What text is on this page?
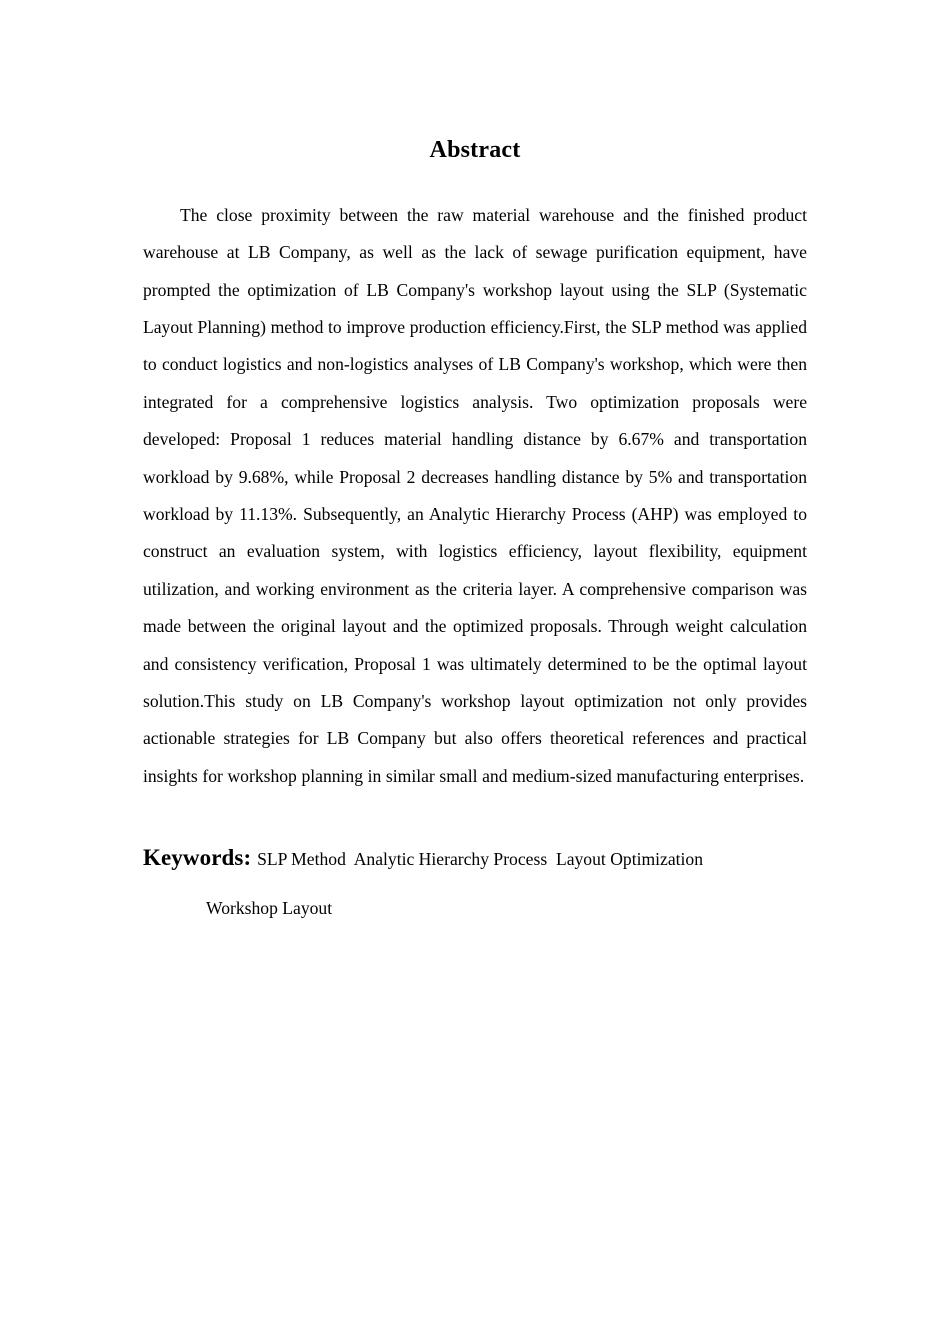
Abstract

The close proximity between the raw material warehouse and the finished product warehouse at LB Company, as well as the lack of sewage purification equipment, have prompted the optimization of LB Company's workshop layout using the SLP (Systematic Layout Planning) method to improve production efficiency.First, the SLP method was applied to conduct logistics and non-logistics analyses of LB Company's workshop, which were then integrated for a comprehensive logistics analysis. Two optimization proposals were developed: Proposal 1 reduces material handling distance by 6.67% and transportation workload by 9.68%, while Proposal 2 decreases handling distance by 5% and transportation workload by 11.13%. Subsequently, an Analytic Hierarchy Process (AHP) was employed to construct an evaluation system, with logistics efficiency, layout flexibility, equipment utilization, and working environment as the criteria layer. A comprehensive comparison was made between the original layout and the optimized proposals. Through weight calculation and consistency verification, Proposal 1 was ultimately determined to be the optimal layout solution.This study on LB Company's workshop layout optimization not only provides actionable strategies for LB Company but also offers theoretical references and practical insights for workshop planning in similar small and medium-sized manufacturing enterprises.

Keywords: SLP Method  Analytic Hierarchy Process  Layout Optimization

Workshop Layout
